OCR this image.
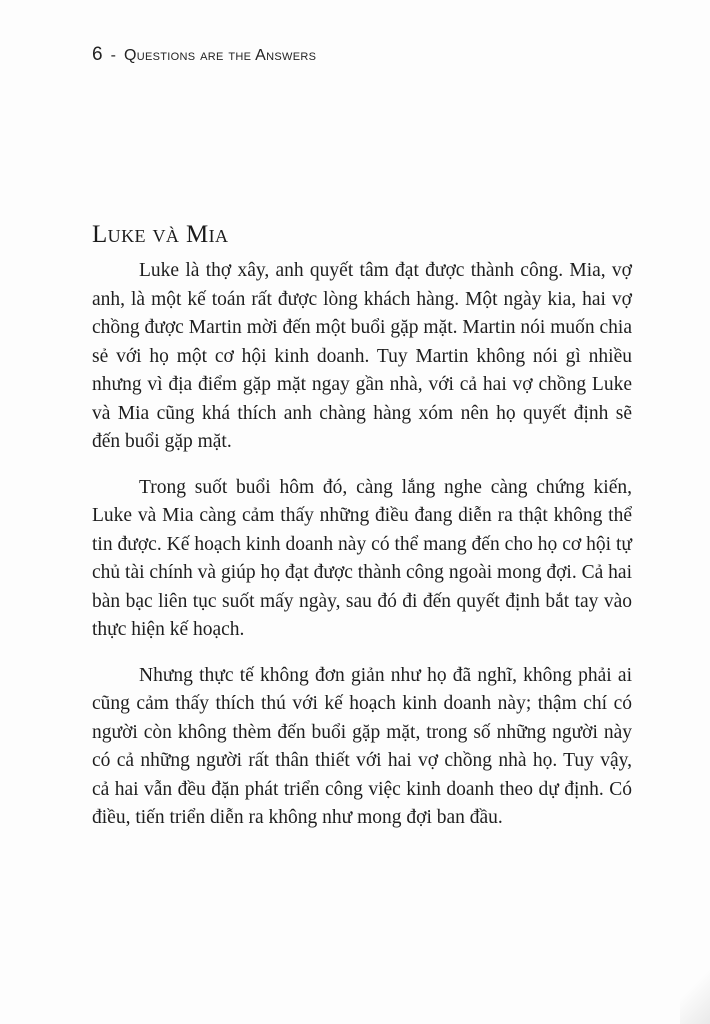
6 - Questions are the Answers
Luke và Mia

Luke là thợ xây, anh quyết tâm đạt được thành công. Mia, vợ anh, là một kế toán rất được lòng khách hàng. Một ngày kia, hai vợ chồng được Martin mời đến một buổi gặp mặt. Martin nói muốn chia sẻ với họ một cơ hội kinh doanh. Tuy Martin không nói gì nhiều nhưng vì địa điểm gặp mặt ngay gần nhà, với cả hai vợ chồng Luke và Mia cũng khá thích anh chàng hàng xóm nên họ quyết định sẽ đến buổi gặp mặt.

Trong suốt buổi hôm đó, càng lắng nghe càng chứng kiến, Luke và Mia càng cảm thấy những điều đang diễn ra thật không thể tin được. Kế hoạch kinh doanh này có thể mang đến cho họ cơ hội tự chủ tài chính và giúp họ đạt được thành công ngoài mong đợi. Cả hai bàn bạc liên tục suốt mấy ngày, sau đó đi đến quyết định bắt tay vào thực hiện kế hoạch.

Nhưng thực tế không đơn giản như họ đã nghĩ, không phải ai cũng cảm thấy thích thú với kế hoạch kinh doanh này; thậm chí có người còn không thèm đến buổi gặp mặt, trong số những người này có cả những người rất thân thiết với hai vợ chồng nhà họ. Tuy vậy, cả hai vẫn đều đặn phát triển công việc kinh doanh theo dự định. Có điều, tiến triển diễn ra không như mong đợi ban đầu.
